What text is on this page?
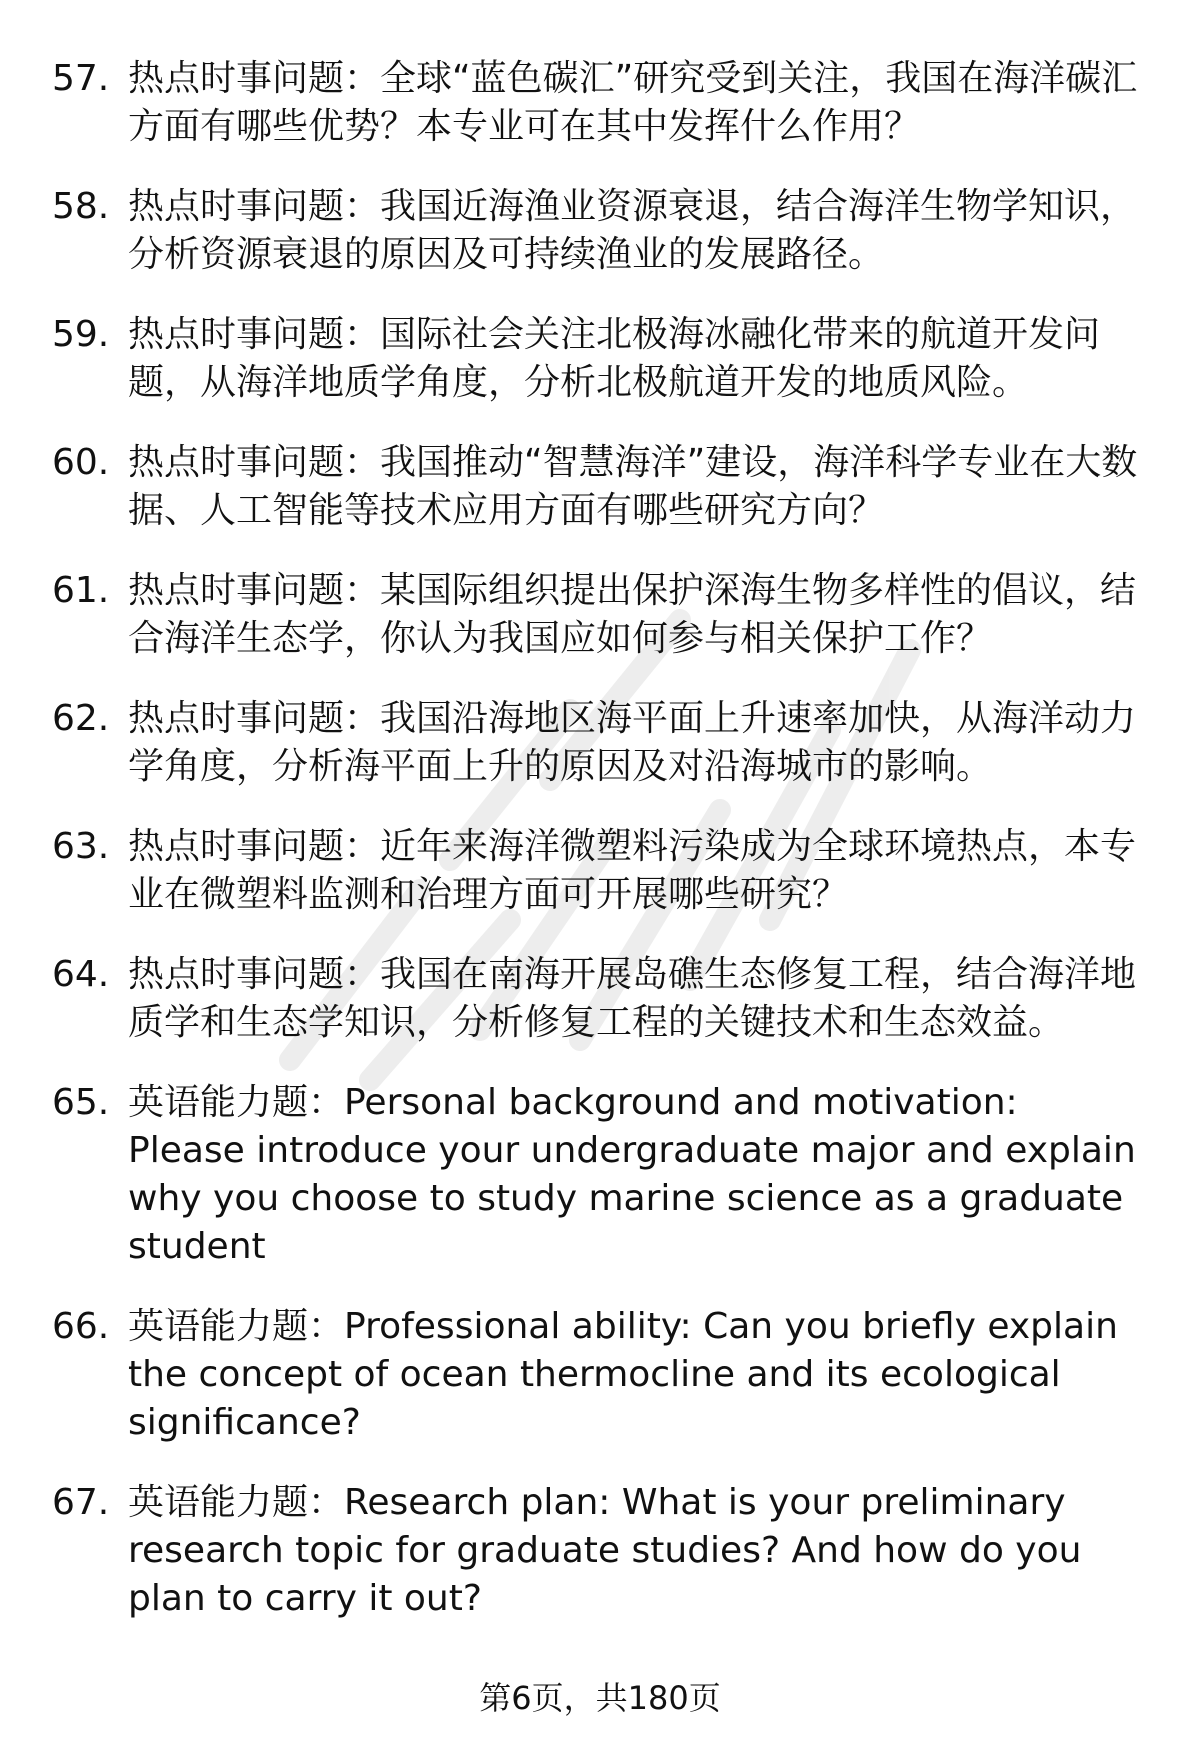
57. 热点时事问题：全球“蓝色碳汇”研究受到关注，我国在海洋碳汇方面有哪些优势？本专业可在其中发挥什么作用？
58. 热点时事问题：我国近海渔业资源衰退，结合海洋生物学知识，分析资源衰退的原因及可持续渔业的发展路径。
59. 热点时事问题：国际社会关注北极海冰融化带来的航道开发问题，从海洋地质学角度，分析北极航道开发的地质风险。
60. 热点时事问题：我国推动“智慧海洋”建设，海洋科学专业在大数据、人工智能等技术应用方面有哪些研究方向？
61. 热点时事问题：某国际组织提出保护深海生物多样性的倡议，结合海洋生态学，你认为我国应如何参与相关保护工作？
62. 热点时事问题：我国沿海地区海平面上升速率加快，从海洋动力学角度，分析海平面上升的原因及对沿海城市的影响。
63. 热点时事问题：近年来海洋微塑料污染成为全球环境热点，本专业在微塑料监测和治理方面可开展哪些研究？
64. 热点时事问题：我国在南海开展岛礁生态修复工程，结合海洋地质学和生态学知识，分析修复工程的关键技术和生态效益。
65. 英语能力题：Personal background and motivation: Please introduce your undergraduate major and explain why you choose to study marine science as a graduate student
66. 英语能力题：Professional ability: Can you briefly explain the concept of ocean thermocline and its ecological significance?
67. 英语能力题：Research plan: What is your preliminary research topic for graduate studies? And how do you plan to carry it out?
第6页，共180页
